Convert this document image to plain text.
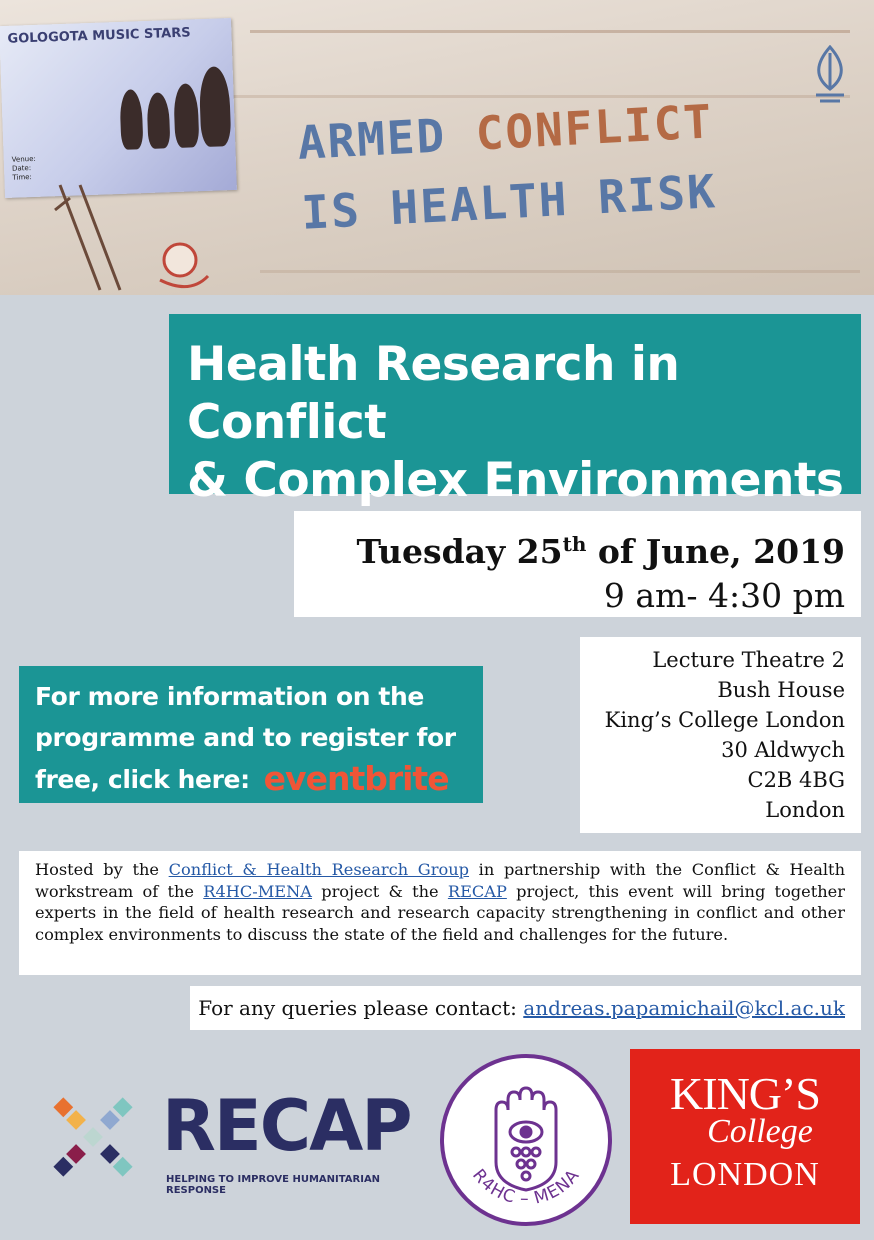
GOLOGOTA MUSIC STARS
Venue:
Date:
Time:
ARMED CONFLICT
IS HEALTH RISK
Health Research in Conflict
& Complex Environments
Tuesday 25th of June, 2019
9 am- 4:30 pm
For more information on the
programme and to register for
free, click here: eventbrite
Lecture Theatre 2
Bush House
King’s College London
30 Aldwych
C2B 4BG
London
Hosted by the Conflict & Health Research Group in partnership with the Conflict & Health workstream of the R4HC-MENA project & the RECAP project, this event will bring together experts in the field of health research and research capacity strengthening in conflict and other complex environments to discuss the state of the field and challenges for the future.
For any queries please contact: andreas.papamichail@kcl.ac.uk
RECAP
HELPING TO IMPROVE HUMANITARIAN RESPONSE
R4HC – MENA
KING’S
College
LONDON
